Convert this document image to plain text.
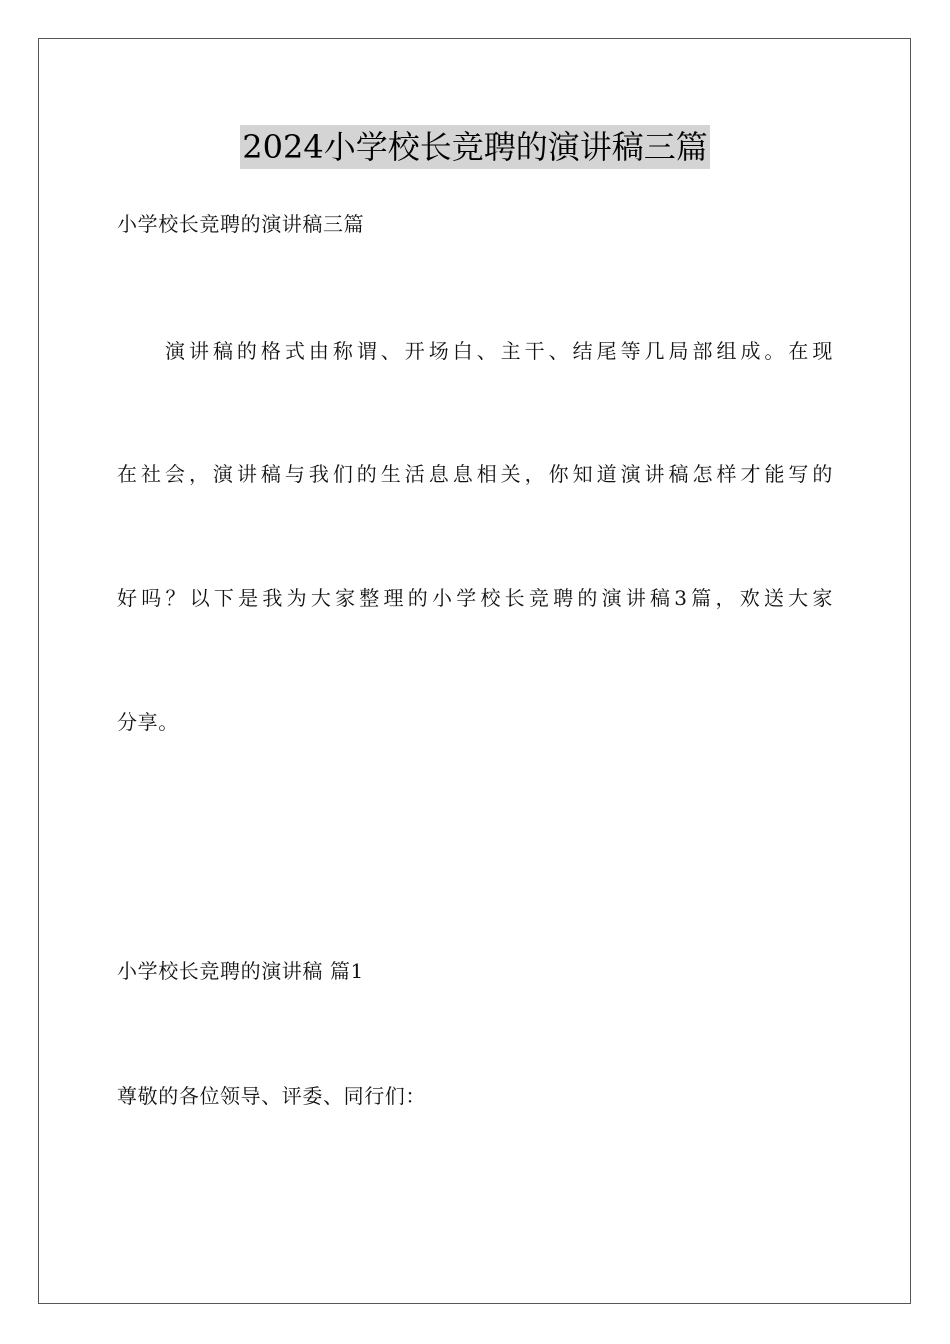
2024小学校长竞聘的演讲稿三篇
小学校长竞聘的演讲稿三篇
演讲稿的格式由称谓、开场白、主干、结尾等几局部组成。在现
在社会，演讲稿与我们的生活息息相关，你知道演讲稿怎样才能写的
好吗？以下是我为大家整理的小学校长竞聘的演讲稿3篇，欢送大家
分享。
小学校长竞聘的演讲稿 篇1
尊敬的各位领导、评委、同行们：
